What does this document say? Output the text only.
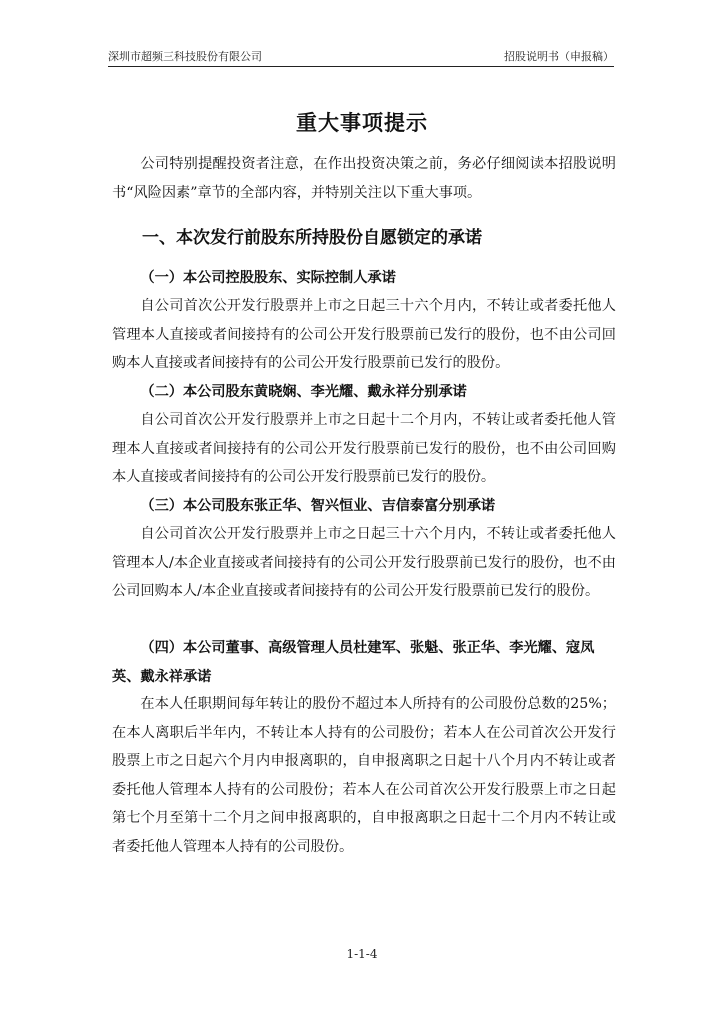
深圳市超频三科技股份有限公司	招股说明书（申报稿）
重大事项提示

公司特别提醒投资者注意，在作出投资决策之前，务必仔细阅读本招股说明书“风险因素”章节的全部内容，并特别关注以下重大事项。

一、本次发行前股东所持股份自愿锁定的承诺
（一）本公司控股股东、实际控制人承诺

自公司首次公开发行股票并上市之日起三十六个月内，不转让或者委托他人管理本人直接或者间接持有的公司公开发行股票前已发行的股份，也不由公司回购本人直接或者间接持有的公司公开发行股票前已发行的股份。

（二）本公司股东黄晓娴、李光耀、戴永祥分别承诺

自公司首次公开发行股票并上市之日起十二个月内，不转让或者委托他人管理本人直接或者间接持有的公司公开发行股票前已发行的股份，也不由公司回购本人直接或者间接持有的公司公开发行股票前已发行的股份。

（三）本公司股东张正华、智兴恒业、吉信泰富分别承诺

自公司首次公开发行股票并上市之日起三十六个月内，不转让或者委托他人管理本人/本企业直接或者间接持有的公司公开发行股票前已发行的股份，也不由公司回购本人/本企业直接或者间接持有的公司公开发行股票前已发行的股份。

（四）本公司董事、高级管理人员杜建军、张魁、张正华、李光耀、寇凤英、戴永祥承诺

在本人任职期间每年转让的股份不超过本人所持有的公司股份总数的25%；在本人离职后半年内，不转让本人持有的公司股份；若本人在公司首次公开发行股票上市之日起六个月内申报离职的，自申报离职之日起十八个月内不转让或者委托他人管理本人持有的公司股份；若本人在公司首次公开发行股票上市之日起第七个月至第十二个月之间申报离职的，自申报离职之日起十二个月内不转让或者委托他人管理本人持有的公司股份。

1-1-4
